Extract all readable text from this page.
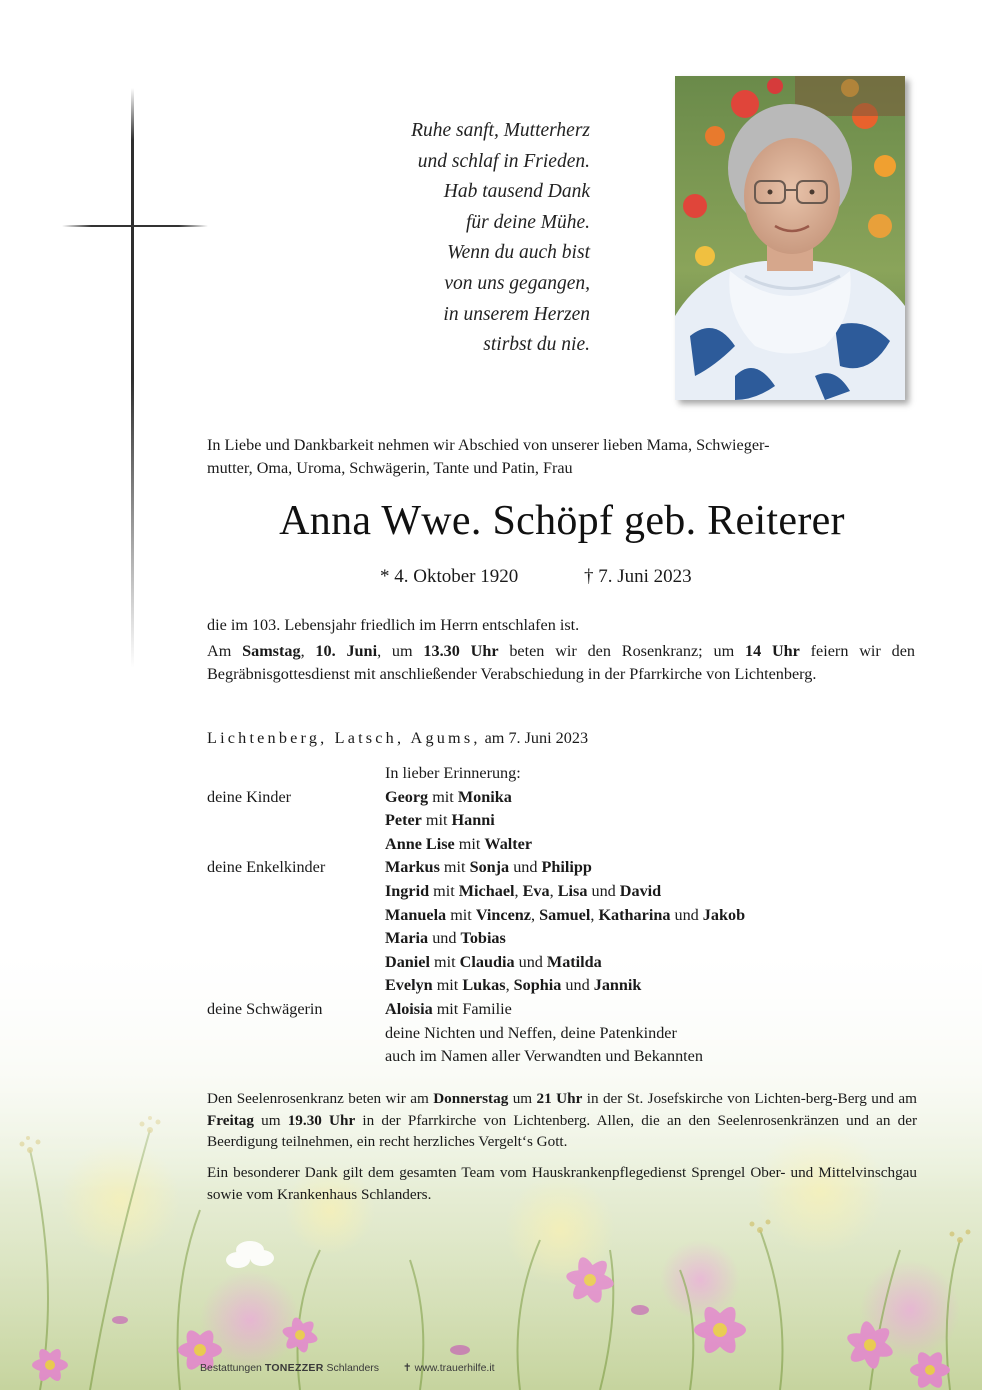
Ruhe sanft, Mutterherz
und schlaf in Frieden.
Hab tausend Dank
für deine Mühe.
Wenn du auch bist
von uns gegangen,
in unserem Herzen
stirbst du nie.
In Liebe und Dankbarkeit nehmen wir Abschied von unserer lieben Mama, Schwieger-
mutter, Oma, Uroma, Schwägerin, Tante und Patin, Frau
Anna Wwe. Schöpf geb. Reiterer
* 4. Oktober 1920	† 7. Juni 2023
die im 103. Lebensjahr friedlich im Herrn entschlafen ist.
Am Samstag, 10. Juni, um 13.30 Uhr beten wir den Rosenkranz; um 14 Uhr feiern wir den Begräbnisgottesdienst mit anschließender Verabschiedung in der Pfarrkirche von Lichtenberg.
Lichtenberg, Latsch, Agums, am 7. Juni 2023
In lieber Erinnerung:
deine Kinder	Georg mit Monika
Peter mit Hanni
Anne Lise mit Walter
deine Enkelkinder	Markus mit Sonja und Philipp
Ingrid mit Michael, Eva, Lisa und David
Manuela mit Vincenz, Samuel, Katharina und Jakob
Maria und Tobias
Daniel mit Claudia und Matilda
Evelyn mit Lukas, Sophia und Jannik
deine Schwägerin	Aloisia mit Familie
deine Nichten und Neffen, deine Patenkinder
auch im Namen aller Verwandten und Bekannten
Den Seelenrosenkranz beten wir am Donnerstag um 21 Uhr in der St. Josefskirche von Lichten-berg-Berg und am Freitag um 19.30 Uhr in der Pfarrkirche von Lichtenberg. Allen, die an den Seelenrosenkränzen und an der Beerdigung teilnehmen, ein recht herzliches Vergelt‘s Gott.
Ein besonderer Dank gilt dem gesamten Team vom Hauskrankenpflegedienst Sprengel Ober- und Mittelvinschgau sowie vom Krankenhaus Schlanders.
Bestattungen TONEZZER Schlanders ✝ www.trauerhilfe.it
